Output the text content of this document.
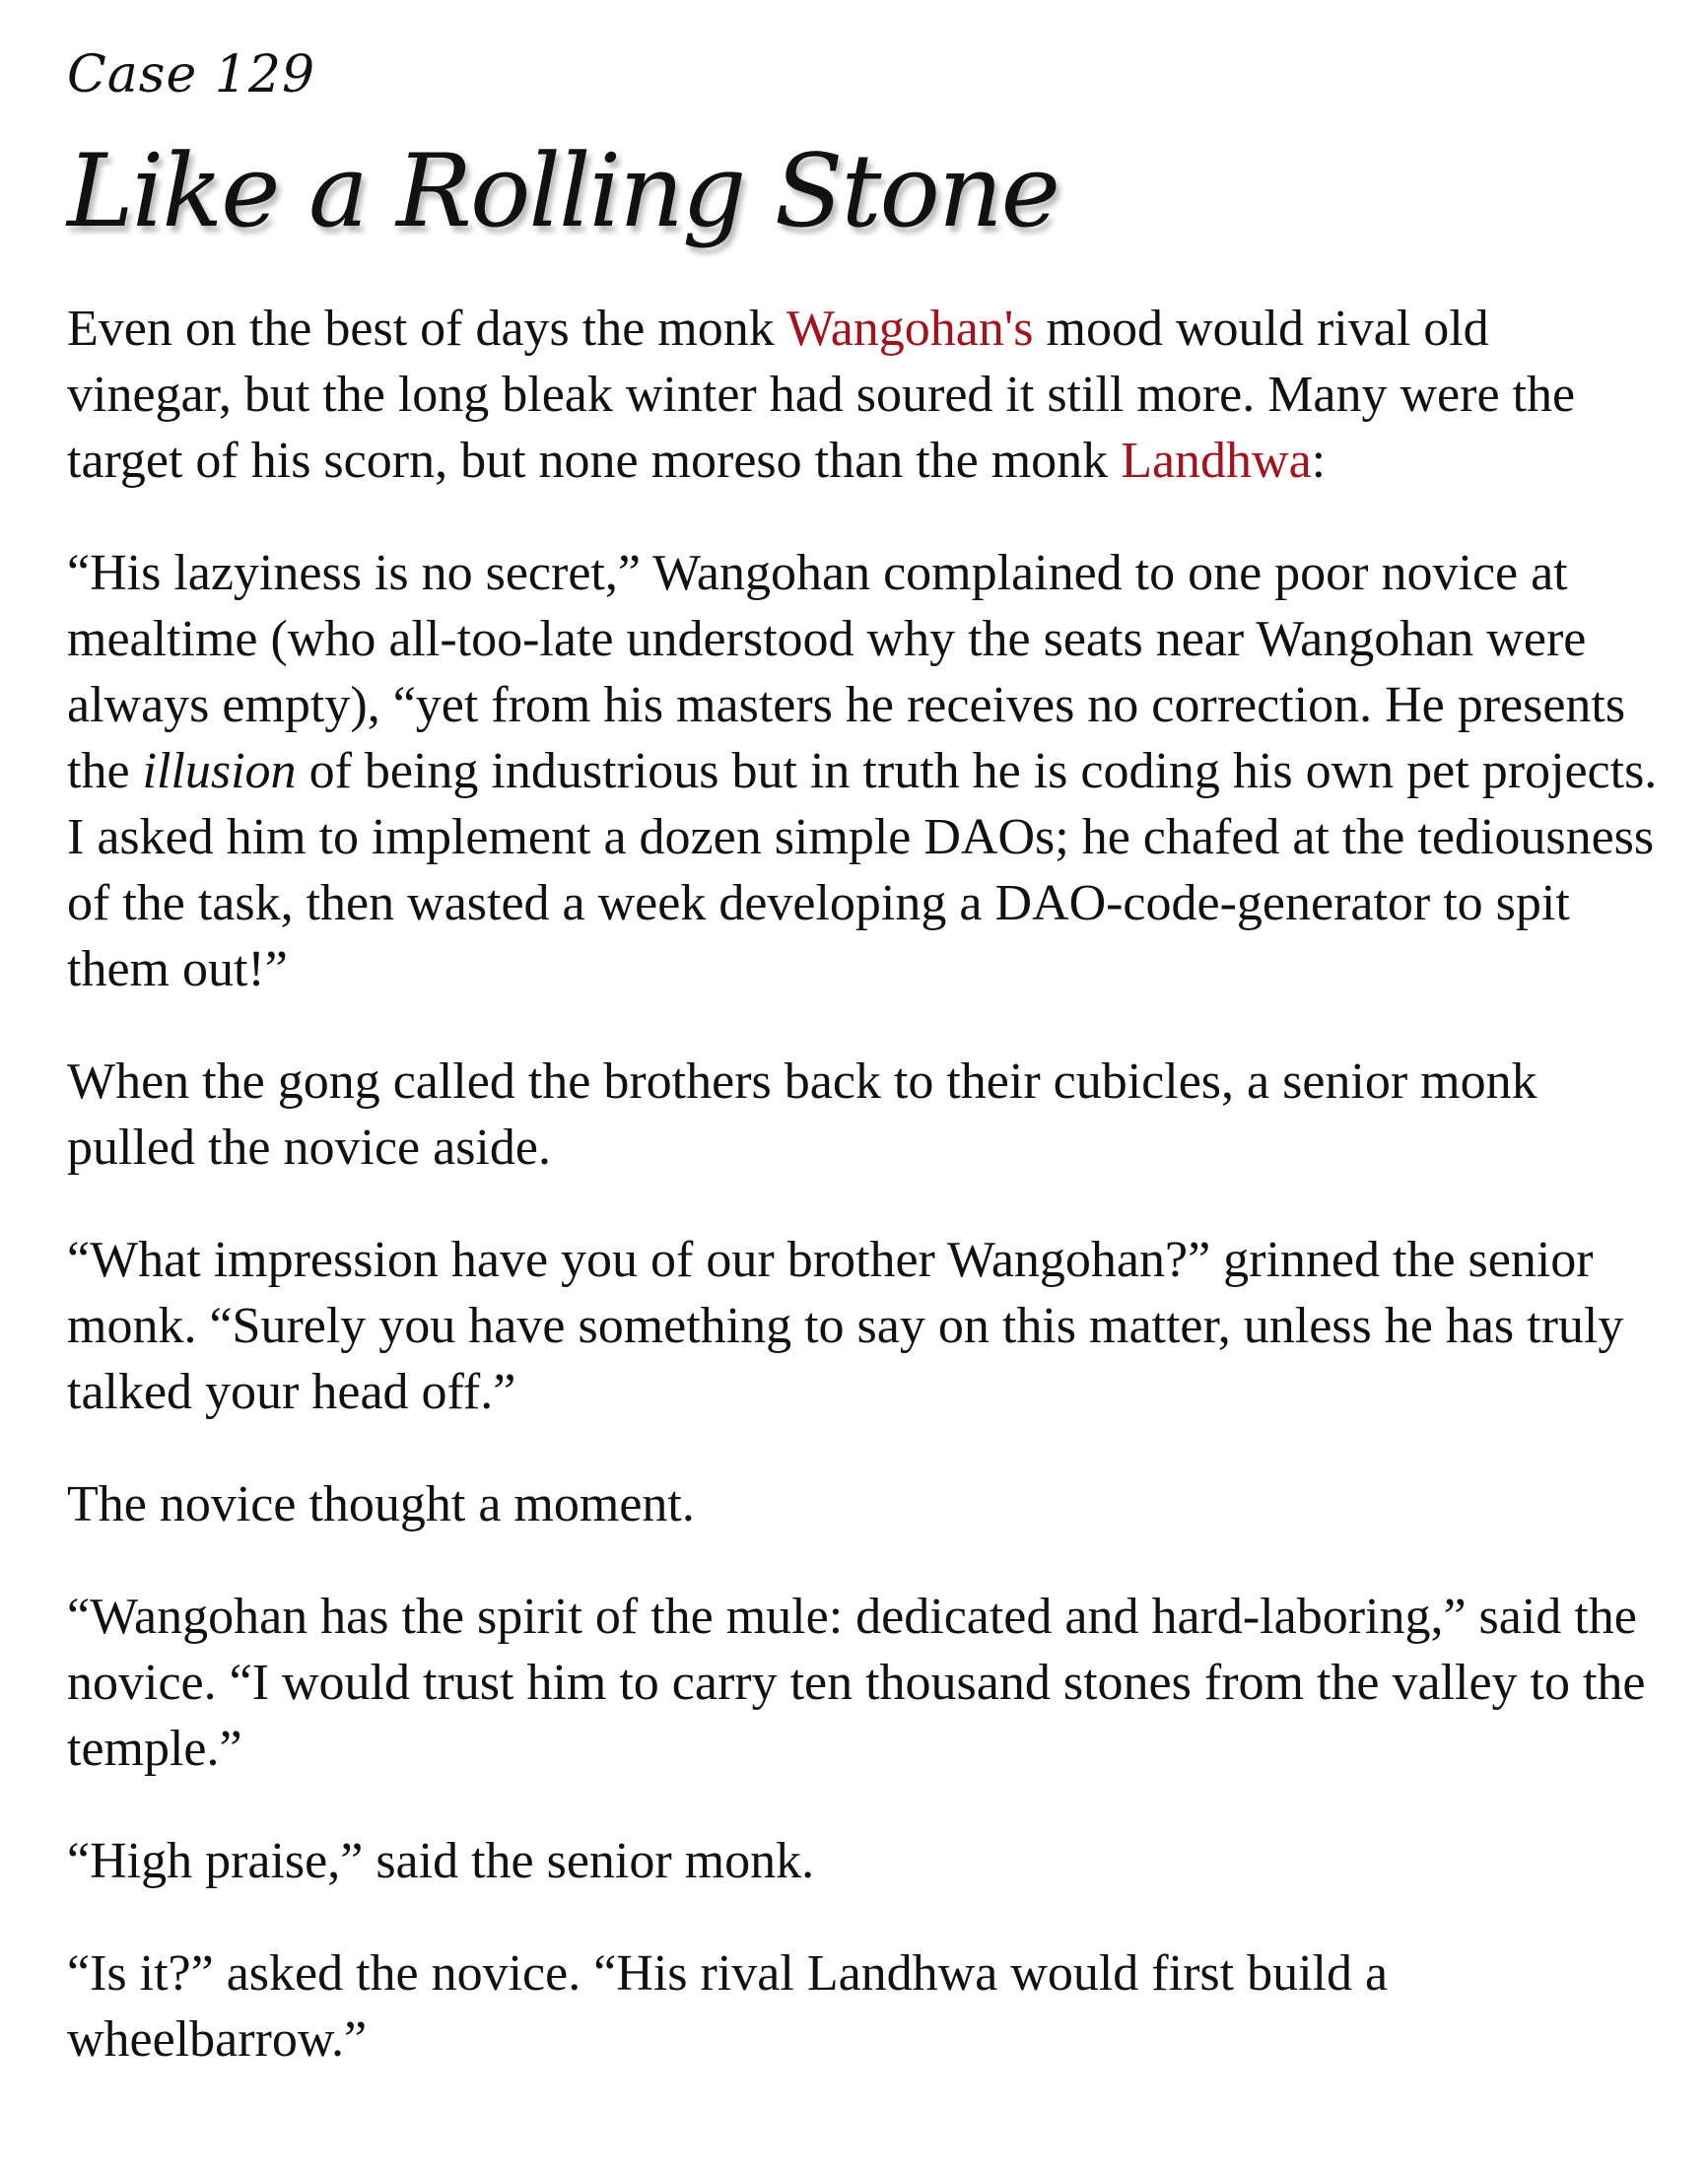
Case 129
Like a Rolling Stone

Even on the best of days the monk Wangohan's mood would rival old vinegar, but the long bleak winter had soured it still more. Many were the target of his scorn, but none moreso than the monk Landhwa:

“His lazyiness is no secret,” Wangohan complained to one poor novice at mealtime (who all-too-late understood why the seats near Wangohan were always empty), “yet from his masters he receives no correction. He presents the illusion of being industrious but in truth he is coding his own pet projects. I asked him to implement a dozen simple DAOs; he chafed at the tediousness of the task, then wasted a week developing a DAO-code-generator to spit them out!”

When the gong called the brothers back to their cubicles, a senior monk pulled the novice aside.

“What impression have you of our brother Wangohan?” grinned the senior monk. “Surely you have something to say on this matter, unless he has truly talked your head off.”

The novice thought a moment.

“Wangohan has the spirit of the mule: dedicated and hard-laboring,” said the novice. “I would trust him to carry ten thousand stones from the valley to the temple.”

“High praise,” said the senior monk.

“Is it?” asked the novice. “His rival Landhwa would first build a wheelbarrow.”
